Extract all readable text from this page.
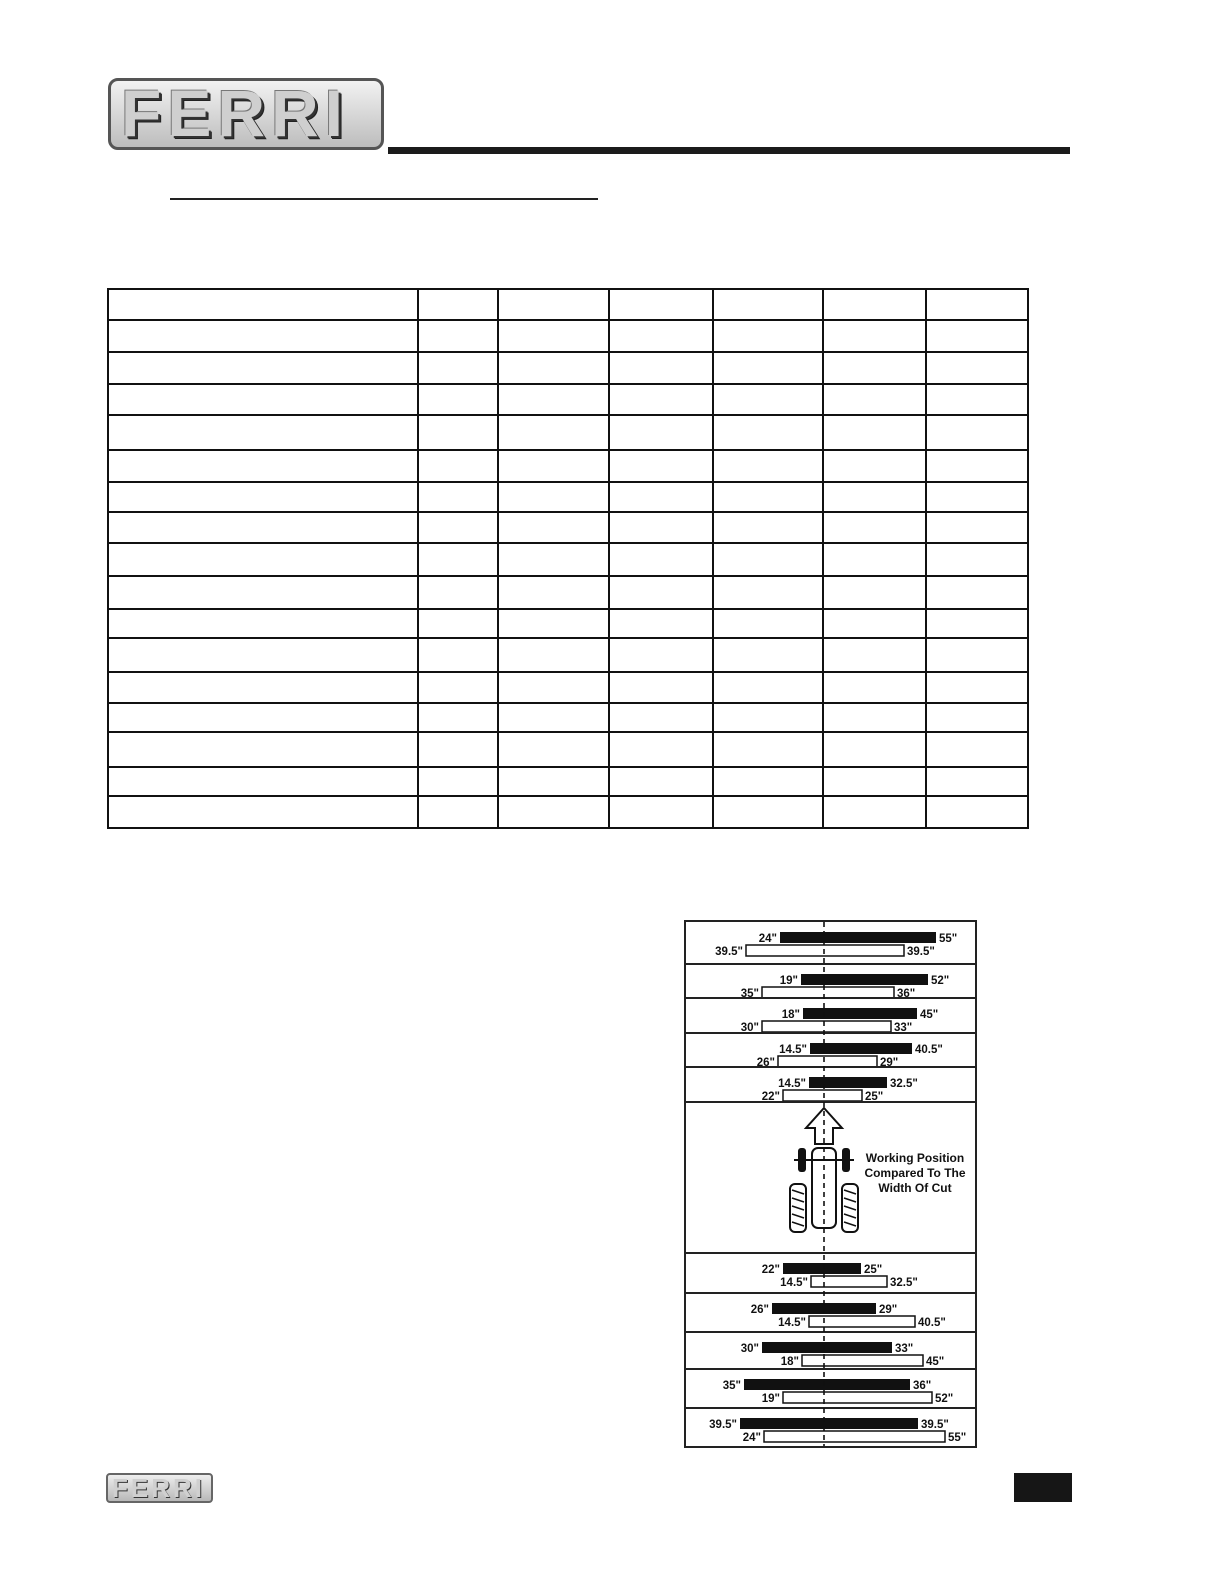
FERRI

24"	55"
39.5"	39.5"
19"	52"
35"	36"
18"	45"
30"	33"
14.5"	40.5"
26"	29"
14.5"	32.5"
22"	25"
Working Position
Compared To The
Width Of Cut
22"	25"
14.5"	32.5"
26"	29"
14.5"	40.5"
30"	33"
18"	45"
35"	36"
19"	52"
39.5"	39.5"
24"	55"
FERRI
